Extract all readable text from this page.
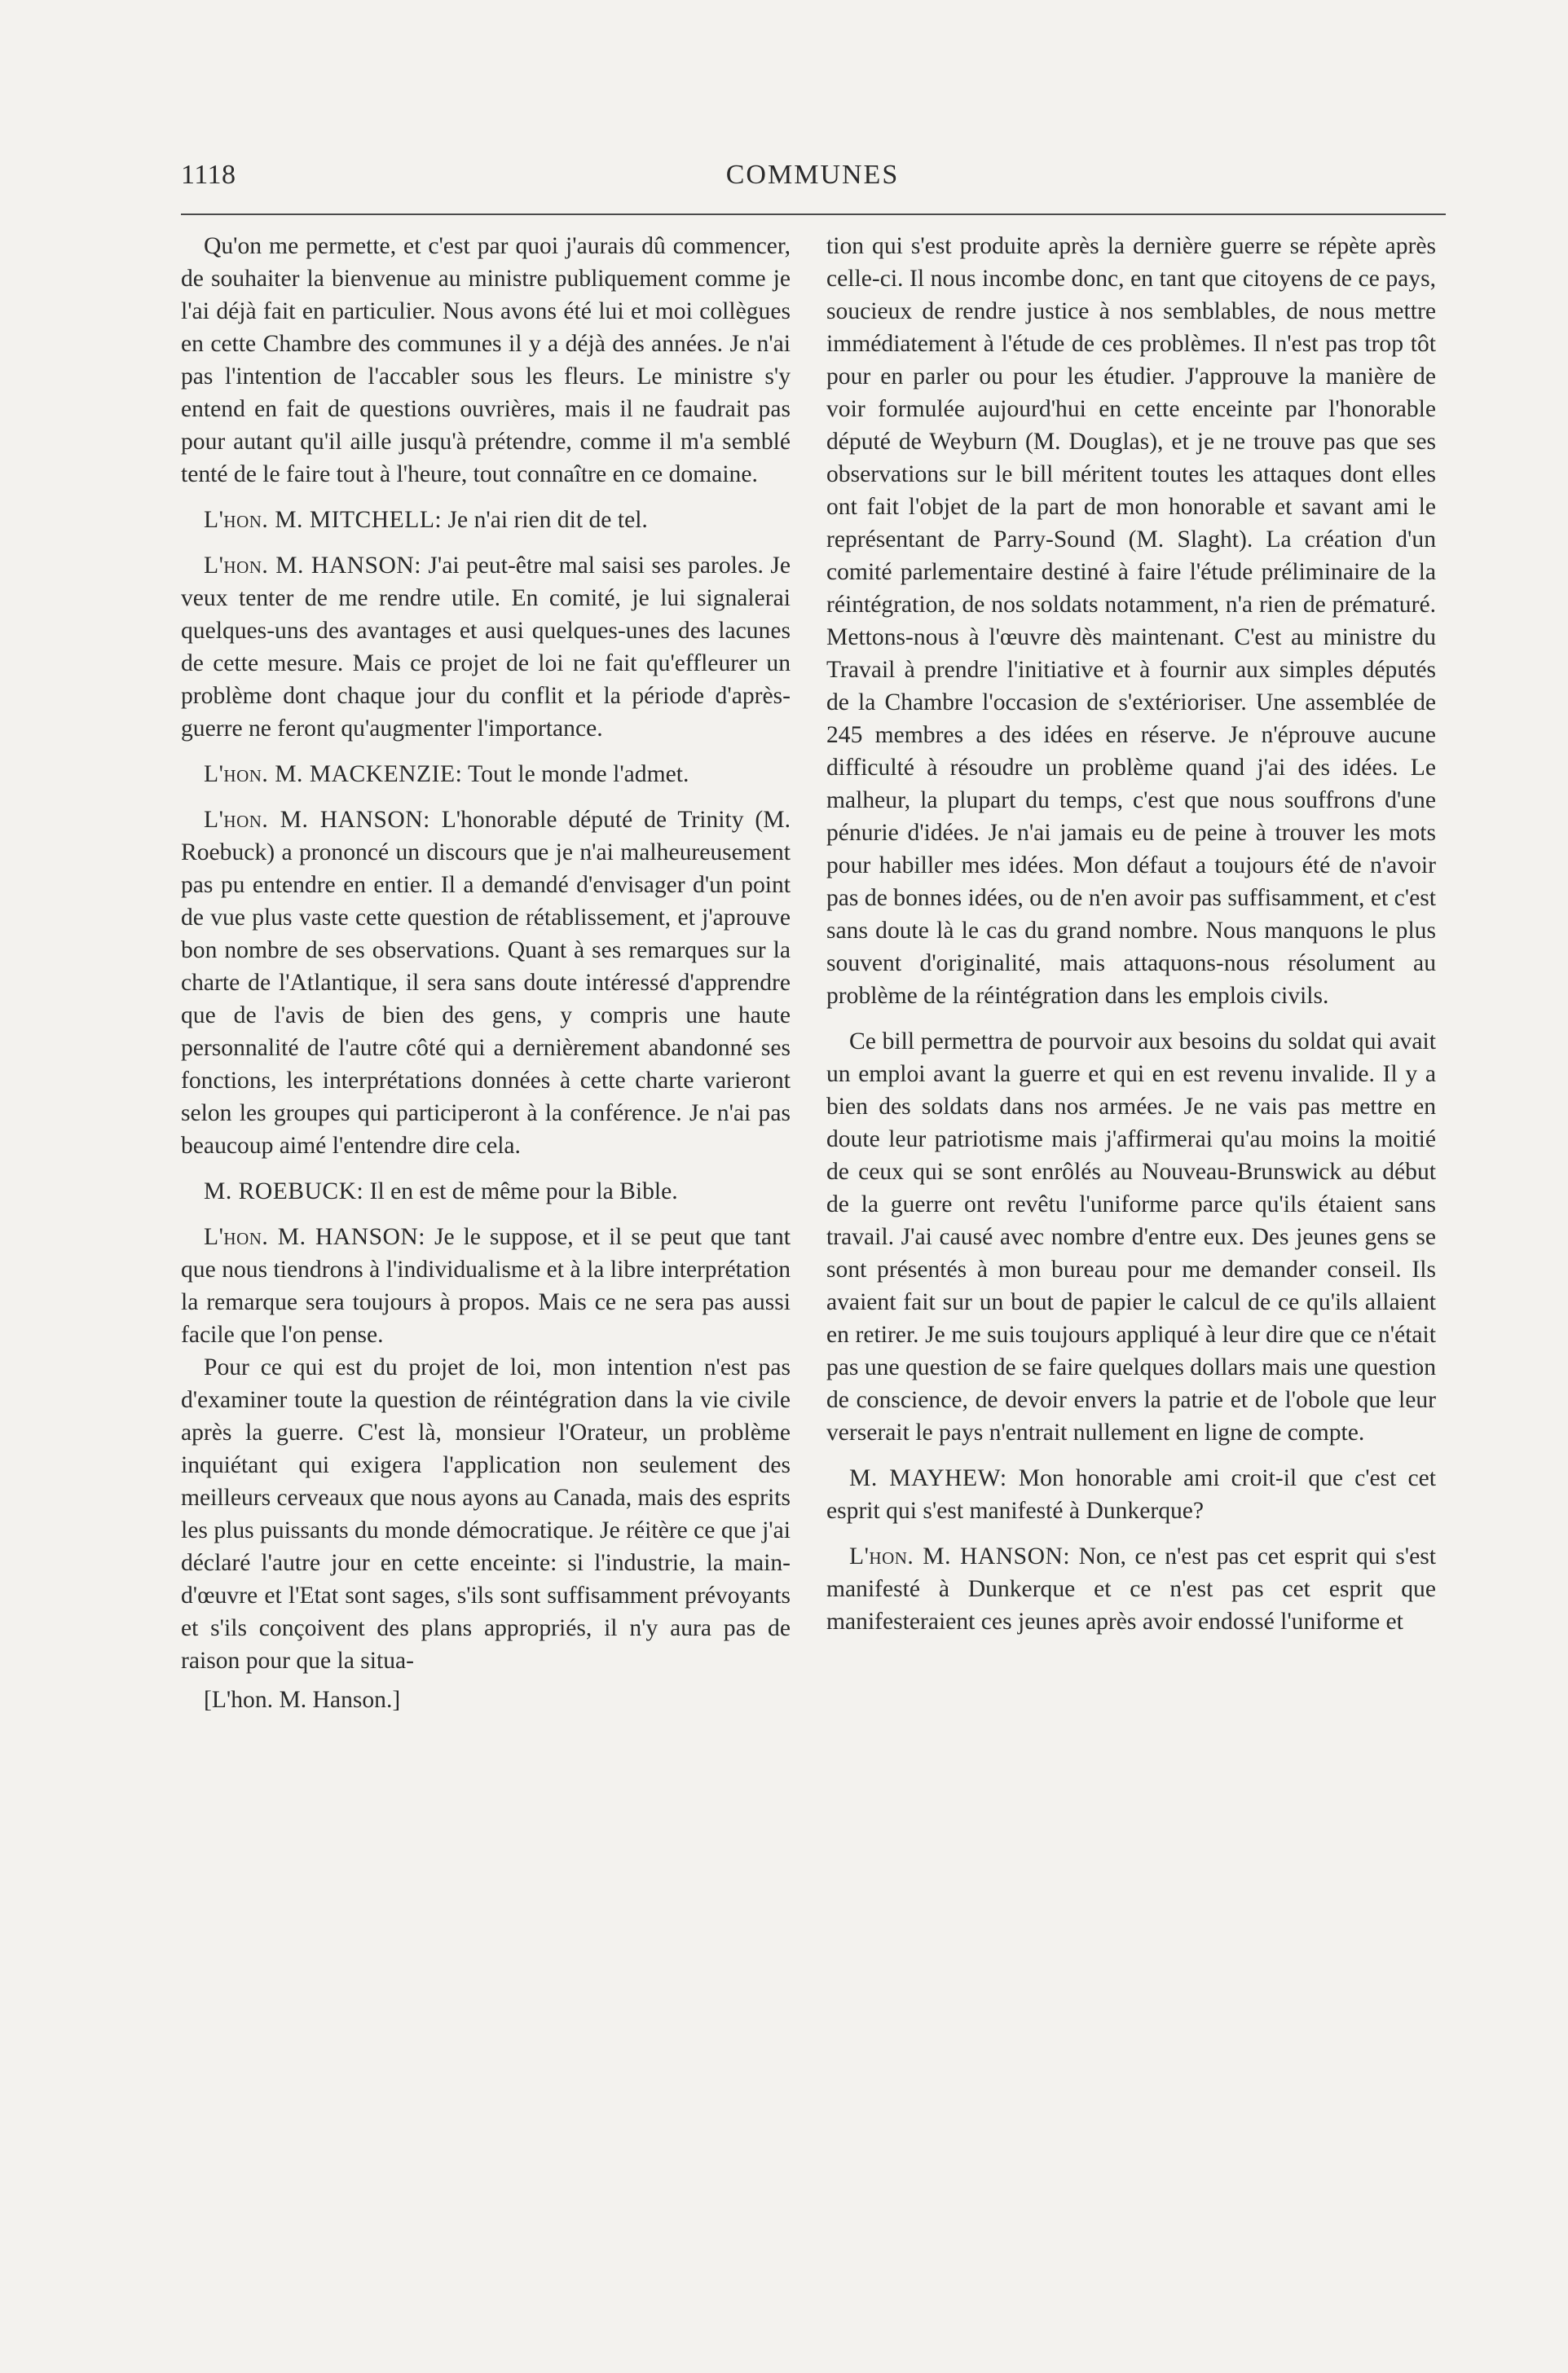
1118	COMMUNES

Qu'on me permette, et c'est par quoi j'aurais dû commencer, de souhaiter la bienvenue au ministre publiquement comme je l'ai déjà fait en particulier. Nous avons été lui et moi collègues en cette Chambre des communes il y a déjà des années. Je n'ai pas l'intention de l'accabler sous les fleurs. Le ministre s'y entend en fait de questions ouvrières, mais il ne faudrait pas pour autant qu'il aille jusqu'à prétendre, comme il m'a semblé tenté de le faire tout à l'heure, tout connaître en ce domaine.

L'hon. M. MITCHELL: Je n'ai rien dit de tel.

L'hon. M. HANSON: J'ai peut-être mal saisi ses paroles. Je veux tenter de me rendre utile. En comité, je lui signalerai quelques-uns des avantages et ausi quelques-unes des lacunes de cette mesure. Mais ce projet de loi ne fait qu'effleurer un problème dont chaque jour du conflit et la période d'après-guerre ne feront qu'augmenter l'importance.

L'hon. M. MACKENZIE: Tout le monde l'admet.

L'hon. M. HANSON: L'honorable député de Trinity (M. Roebuck) a prononcé un discours que je n'ai malheureusement pas pu entendre en entier. Il a demandé d'envisager d'un point de vue plus vaste cette question de rétablissement, et j'aprouve bon nombre de ses observations. Quant à ses remarques sur la charte de l'Atlantique, il sera sans doute intéressé d'apprendre que de l'avis de bien des gens, y compris une haute personnalité de l'autre côté qui a dernièrement abandonné ses fonctions, les interprétations données à cette charte varieront selon les groupes qui participeront à la conférence. Je n'ai pas beaucoup aimé l'entendre dire cela.

M. ROEBUCK: Il en est de même pour la Bible.

L'hon. M. HANSON: Je le suppose, et il se peut que tant que nous tiendrons à l'individualisme et à la libre interprétation la remarque sera toujours à propos. Mais ce ne sera pas aussi facile que l'on pense.

Pour ce qui est du projet de loi, mon intention n'est pas d'examiner toute la question de réintégration dans la vie civile après la guerre. C'est là, monsieur l'Orateur, un problème inquiétant qui exigera l'application non seulement des meilleurs cerveaux que nous ayons au Canada, mais des esprits les plus puissants du monde démocratique. Je réitère ce que j'ai déclaré l'autre jour en cette enceinte: si l'industrie, la main-d'œuvre et l'Etat sont sages, s'ils sont suffisamment prévoyants et s'ils conçoivent des plans appropriés, il n'y aura pas de raison pour que la situa-

[L'hon. M. Hanson.]

tion qui s'est produite après la dernière guerre se répète après celle-ci. Il nous incombe donc, en tant que citoyens de ce pays, soucieux de rendre justice à nos semblables, de nous mettre immédiatement à l'étude de ces problèmes. Il n'est pas trop tôt pour en parler ou pour les étudier. J'approuve la manière de voir formulée aujourd'hui en cette enceinte par l'honorable député de Weyburn (M. Douglas), et je ne trouve pas que ses observations sur le bill méritent toutes les attaques dont elles ont fait l'objet de la part de mon honorable et savant ami le représentant de Parry-Sound (M. Slaght). La création d'un comité parlementaire destiné à faire l'étude préliminaire de la réintégration, de nos soldats notamment, n'a rien de prématuré. Mettons-nous à l'œuvre dès maintenant. C'est au ministre du Travail à prendre l'initiative et à fournir aux simples députés de la Chambre l'occasion de s'extérioriser. Une assemblée de 245 membres a des idées en réserve. Je n'éprouve aucune difficulté à résoudre un problème quand j'ai des idées. Le malheur, la plupart du temps, c'est que nous souffrons d'une pénurie d'idées. Je n'ai jamais eu de peine à trouver les mots pour habiller mes idées. Mon défaut a toujours été de n'avoir pas de bonnes idées, ou de n'en avoir pas suffisamment, et c'est sans doute là le cas du grand nombre. Nous manquons le plus souvent d'originalité, mais attaquons-nous résolument au problème de la réintégration dans les emplois civils.

Ce bill permettra de pourvoir aux besoins du soldat qui avait un emploi avant la guerre et qui en est revenu invalide. Il y a bien des soldats dans nos armées. Je ne vais pas mettre en doute leur patriotisme mais j'affirmerai qu'au moins la moitié de ceux qui se sont enrôlés au Nouveau-Brunswick au début de la guerre ont revêtu l'uniforme parce qu'ils étaient sans travail. J'ai causé avec nombre d'entre eux. Des jeunes gens se sont présentés à mon bureau pour me demander conseil. Ils avaient fait sur un bout de papier le calcul de ce qu'ils allaient en retirer. Je me suis toujours appliqué à leur dire que ce n'était pas une question de se faire quelques dollars mais une question de conscience, de devoir envers la patrie et de l'obole que leur verserait le pays n'entrait nullement en ligne de compte.

M. MAYHEW: Mon honorable ami croit-il que c'est cet esprit qui s'est manifesté à Dunkerque?

L'hon. M. HANSON: Non, ce n'est pas cet esprit qui s'est manifesté à Dunkerque et ce n'est pas cet esprit que manifesteraient ces jeunes après avoir endossé l'uniforme et
